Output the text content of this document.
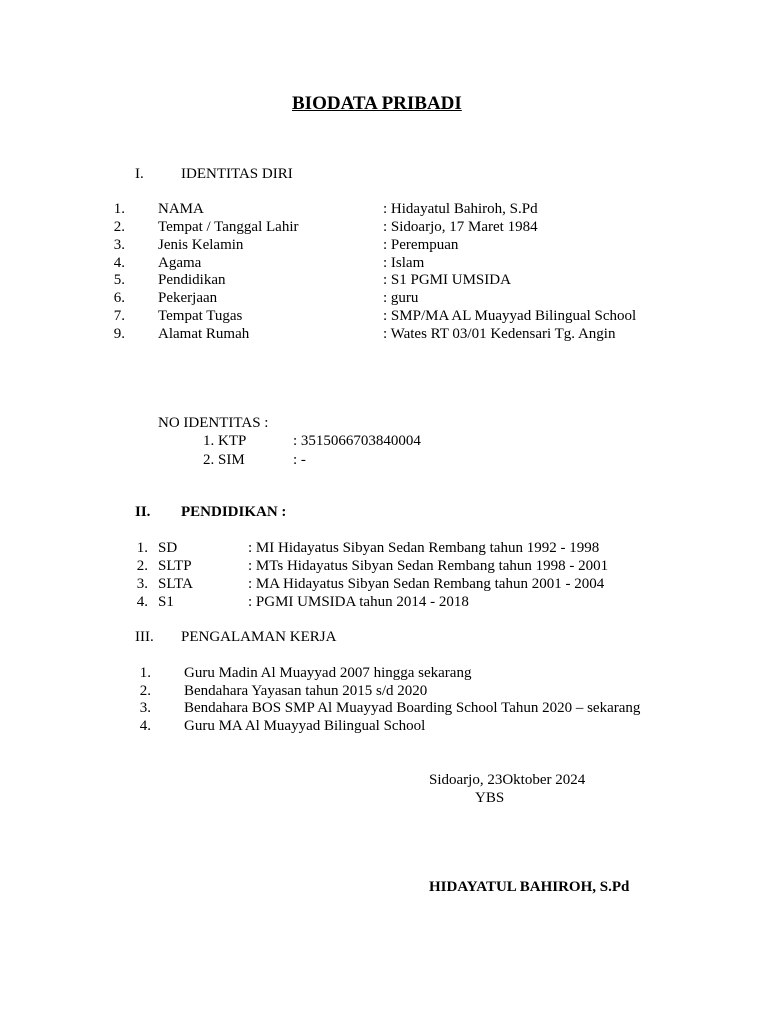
BIODATA PRIBADI
I. IDENTITAS DIRI
1. NAMA	: Hidayatul Bahiroh, S.Pd
2. Tempat / Tanggal Lahir	: Sidoarjo, 17 Maret 1984
3. Jenis Kelamin	: Perempuan
4. Agama	: Islam
5. Pendidikan	: S1 PGMI UMSIDA
6. Pekerjaan	: guru
7. Tempat Tugas	: SMP/MA AL Muayyad Bilingual School
9. Alamat Rumah	: Wates RT 03/01 Kedensari Tg. Angin
NO IDENTITAS :
1. KTP	: 3515066703840004
2. SIM	: -
II. PENDIDIKAN :
1. SD	: MI Hidayatus Sibyan Sedan Rembang tahun 1992 - 1998
2. SLTP	: MTs Hidayatus Sibyan Sedan Rembang tahun 1998 - 2001
3. SLTA	: MA Hidayatus Sibyan Sedan Rembang tahun 2001 - 2004
4. S1	: PGMI UMSIDA tahun 2014 - 2018
III. PENGALAMAN KERJA
1. Guru Madin Al Muayyad 2007 hingga sekarang
2. Bendahara Yayasan tahun 2015 s/d 2020
3. Bendahara BOS SMP Al Muayyad Boarding School Tahun 2020 – sekarang
4. Guru MA Al Muayyad Bilingual School
Sidoarjo, 23Oktober 2024
YBS
HIDAYATUL BAHIROH, S.Pd
